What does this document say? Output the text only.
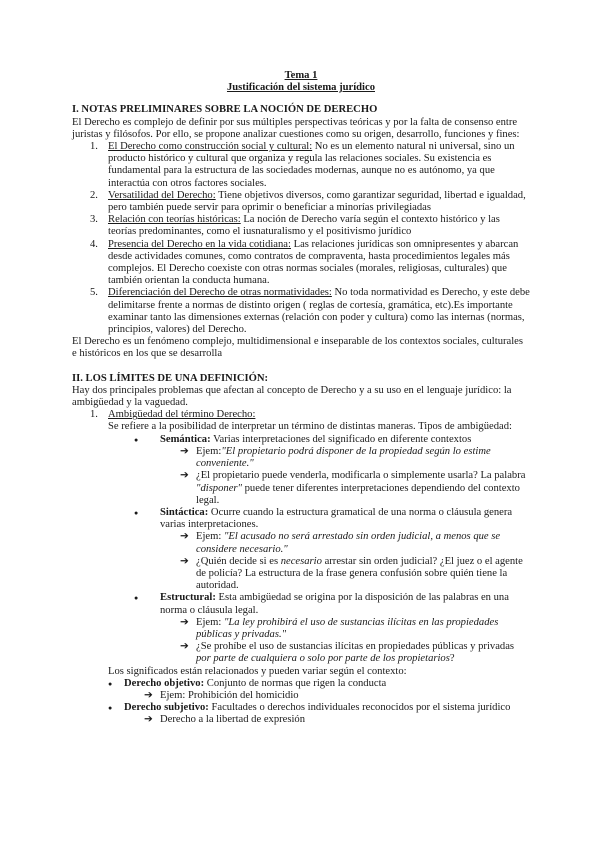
Tema 1
Justificación del sistema jurídico
I. NOTAS PRELIMINARES SOBRE LA NOCIÓN DE DERECHO

El Derecho es complejo de definir por sus múltiples perspectivas teóricas y por la falta de consenso entre juristas y filósofos. Por ello, se propone analizar cuestiones como su origen, desarrollo, funciones y fines:

1. El Derecho como construcción social y cultural: No es un elemento natural ni universal, sino un producto histórico y cultural que organiza y regula las relaciones sociales. Su existencia es fundamental para la estructura de las sociedades modernas, aunque no es autónomo, ya que interactúa con otros factores sociales.
2. Versatilidad del Derecho: Tiene objetivos diversos, como garantizar seguridad, libertad e igualdad, pero también puede servir para oprimir o beneficiar a minorías privilegiadas
3. Relación con teorías históricas: La noción de Derecho varía según el contexto histórico y las teorías predominantes, como el iusnaturalismo y el positivismo jurídico
4. Presencia del Derecho en la vida cotidiana: Las relaciones jurídicas son omnipresentes y abarcan desde actividades comunes, como contratos de compraventa, hasta procedimientos legales más complejos. El Derecho coexiste con otras normas sociales (morales, religiosas, culturales) que también orientan la conducta humana.
5. Diferenciación del Derecho de otras normatividades: No toda normatividad es Derecho, y este debe delimitarse frente a normas de distinto origen ( reglas de cortesía, gramática, etc).Es importante examinar tanto las dimensiones externas (relación con poder y cultura) como las internas (normas, principios, valores) del Derecho.

El Derecho es un fenómeno complejo, multidimensional e inseparable de los contextos sociales, culturales e históricos en los que se desarrolla

II. LOS LÍMITES DE UNA DEFINICIÓN:

Hay dos principales problemas que afectan al concepto de Derecho y a su uso en el lenguaje jurídico: la ambigüedad y la vaguedad.

1. Ambigüedad del término Derecho:

Se refiere a la posibilidad de interpretar un término de distintas maneras. Tipos de ambigüedad:

● Semántica: Varias interpretaciones del significado en diferente contextos
➔ Ejem:"El propietario podrá disponer de la propiedad según lo estime conveniente."
➔ ¿El propietario puede venderla, modificarla o simplemente usarla? La palabra "disponer" puede tener diferentes interpretaciones dependiendo del contexto legal.
● Sintáctica: Ocurre cuando la estructura gramatical de una norma o cláusula genera varias interpretaciones.
➔ Ejem: "El acusado no será arrestado sin orden judicial, a menos que se considere necesario."
➔ ¿Quién decide si es necesario arrestar sin orden judicial? ¿El juez o el agente de policía? La estructura de la frase genera confusión sobre quién tiene la autoridad.
● Estructural: Esta ambigüedad se origina por la disposición de las palabras en una norma o cláusula legal.
➔ Ejem: "La ley prohibirá el uso de sustancias ilícitas en las propiedades públicas y privadas."
➔ ¿Se prohíbe el uso de sustancias ilícitas en propiedades públicas y privadas por parte de cualquiera o solo por parte de los propietarios?

Los significados están relacionados y pueden variar según el contexto:

● Derecho objetivo: Conjunto de normas que rigen la conducta
➔ Ejem: Prohibición del homicidio
● Derecho subjetivo: Facultades o derechos individuales reconocidos por el sistema jurídico
➔ Derecho a la libertad de expresión
